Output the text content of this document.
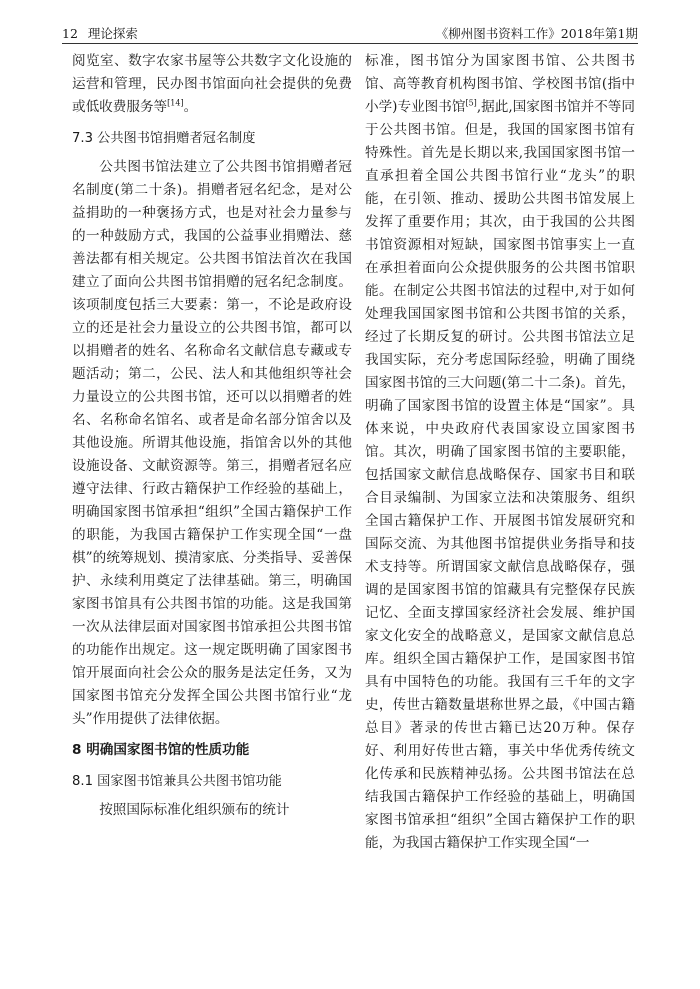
12 理论探索	《柳州图书资料工作》2018年第1期

阅览室、数字农家书屋等公共数字文化设施的运营和管理，民办图书馆面向社会提供的免费或低收费服务等[14]。

7.3 公共图书馆捐赠者冠名制度

公共图书馆法建立了公共图书馆捐赠者冠名制度(第二十条)。捐赠者冠名纪念，是对公益捐助的一种褒扬方式，也是对社会力量参与的一种鼓励方式，我国的公益事业捐赠法、慈善法都有相关规定。公共图书馆法首次在我国建立了面向公共图书馆捐赠的冠名纪念制度。该项制度包括三大要素：第一，不论是政府设立的还是社会力量设立的公共图书馆，都可以以捐赠者的姓名、名称命名文献信息专藏或专题活动；第二，公民、法人和其他组织等社会力量设立的公共图书馆，还可以以捐赠者的姓名、名称命名馆名、或者是命名部分馆舍以及其他设施。所谓其他设施，指馆舍以外的其他设施设备、文献资源等。第三，捐赠者冠名应遵守法律、行政古籍保护工作经验的基础上，明确国家图书馆承担“组织”全国古籍保护工作的职能，为我国古籍保护工作实现全国“一盘棋”的统筹规划、摸清家底、分类指导、妥善保护、永续利用奠定了法律基础。第三，明确国家图书馆具有公共图书馆的功能。这是我国第一次从法律层面对国家图书馆承担公共图书馆的功能作出规定。这一规定既明确了国家图书馆开展面向社会公众的服务是法定任务，又为国家图书馆充分发挥全国公共图书馆行业“龙头”作用提供了法律依据。

8 明确国家图书馆的性质功能
8.1 国家图书馆兼具公共图书馆功能

按照国际标准化组织颁布的统计

标准，图书馆分为国家图书馆、公共图书馆、高等教育机构图书馆、学校图书馆(指中小学)专业图书馆[5],据此,国家图书馆并不等同于公共图书馆。但是，我国的国家图书馆有特殊性。首先是长期以来,我国国家图书馆一直承担着全国公共图书馆行业“龙头”的职能，在引领、推动、援助公共图书馆发展上发挥了重要作用；其次，由于我国的公共图书馆资源相对短缺，国家图书馆事实上一直在承担着面向公众提供服务的公共图书馆职能。在制定公共图书馆法的过程中,对于如何处理我国国家图书馆和公共图书馆的关系，经过了长期反复的研讨。公共图书馆法立足我国实际，充分考虑国际经验，明确了围绕国家图书馆的三大问题(第二十二条)。首先，明确了国家图书馆的设置主体是“国家”。具体来说，中央政府代表国家设立国家图书馆。其次，明确了国家图书馆的主要职能，包括国家文献信息战略保存、国家书目和联合目录编制、为国家立法和决策服务、组织全国古籍保护工作、开展图书馆发展研究和国际交流、为其他图书馆提供业务指导和技术支持等。所谓国家文献信息战略保存，强调的是国家图书馆的馆藏具有完整保存民族记忆、全面支撑国家经济社会发展、维护国家文化安全的战略意义，是国家文献信息总库。组织全国古籍保护工作，是国家图书馆具有中国特色的功能。我国有三千年的文字史，传世古籍数量堪称世界之最，《中国古籍总目》著录的传世古籍已达20万种。保存好、利用好传世古籍，事关中华优秀传统文化传承和民族精神弘扬。公共图书馆法在总结我国古籍保护工作经验的基础上，明确国家图书馆承担“组织”全国古籍保护工作的职能，为我国古籍保护工作实现全国“一
